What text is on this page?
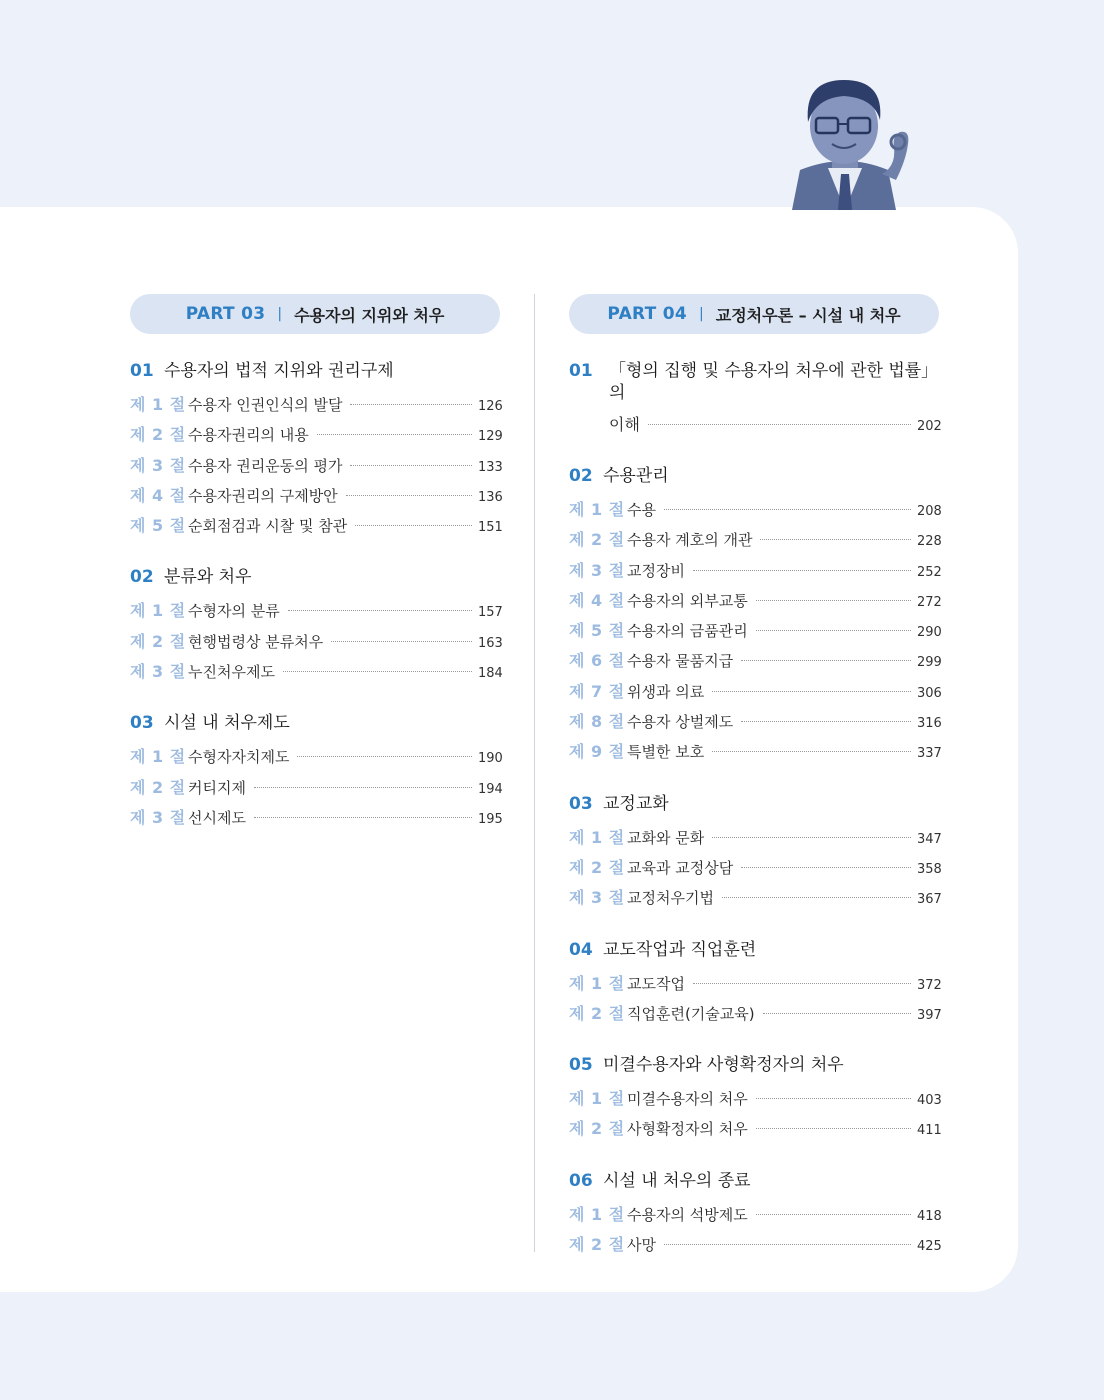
PART 03 | 수용자의 지위와 처우
01 수용자의 법적 지위와 권리구제
제 1 절 수용자 인권인식의 발달	126
제 2 절 수용자권리의 내용	129
제 3 절 수용자 권리운동의 평가	133
제 4 절 수용자권리의 구제방안	136
제 5 절 순회점검과 시찰 및 참관	151
02 분류와 처우
제 1 절 수형자의 분류	157
제 2 절 현행법령상 분류처우	163
제 3 절 누진처우제도	184
03 시설 내 처우제도
제 1 절 수형자자치제도	190
제 2 절 커티지제	194
제 3 절 선시제도	195
PART 04 | 교정처우론 – 시설 내 처우
01 「형의 집행 및 수용자의 처우에 관한 법률」의
이해	202
02 수용관리
제 1 절 수용	208
제 2 절 수용자 계호의 개관	228
제 3 절 교정장비	252
제 4 절 수용자의 외부교통	272
제 5 절 수용자의 금품관리	290
제 6 절 수용자 물품지급	299
제 7 절 위생과 의료	306
제 8 절 수용자 상벌제도	316
제 9 절 특별한 보호	337
03 교정교화
제 1 절 교화와 문화	347
제 2 절 교육과 교정상담	358
제 3 절 교정처우기법	367
04 교도작업과 직업훈련
제 1 절 교도작업	372
제 2 절 직업훈련(기술교육)	397
05 미결수용자와 사형확정자의 처우
제 1 절 미결수용자의 처우	403
제 2 절 사형확정자의 처우	411
06 시설 내 처우의 종료
제 1 절 수용자의 석방제도	418
제 2 절 사망	425
